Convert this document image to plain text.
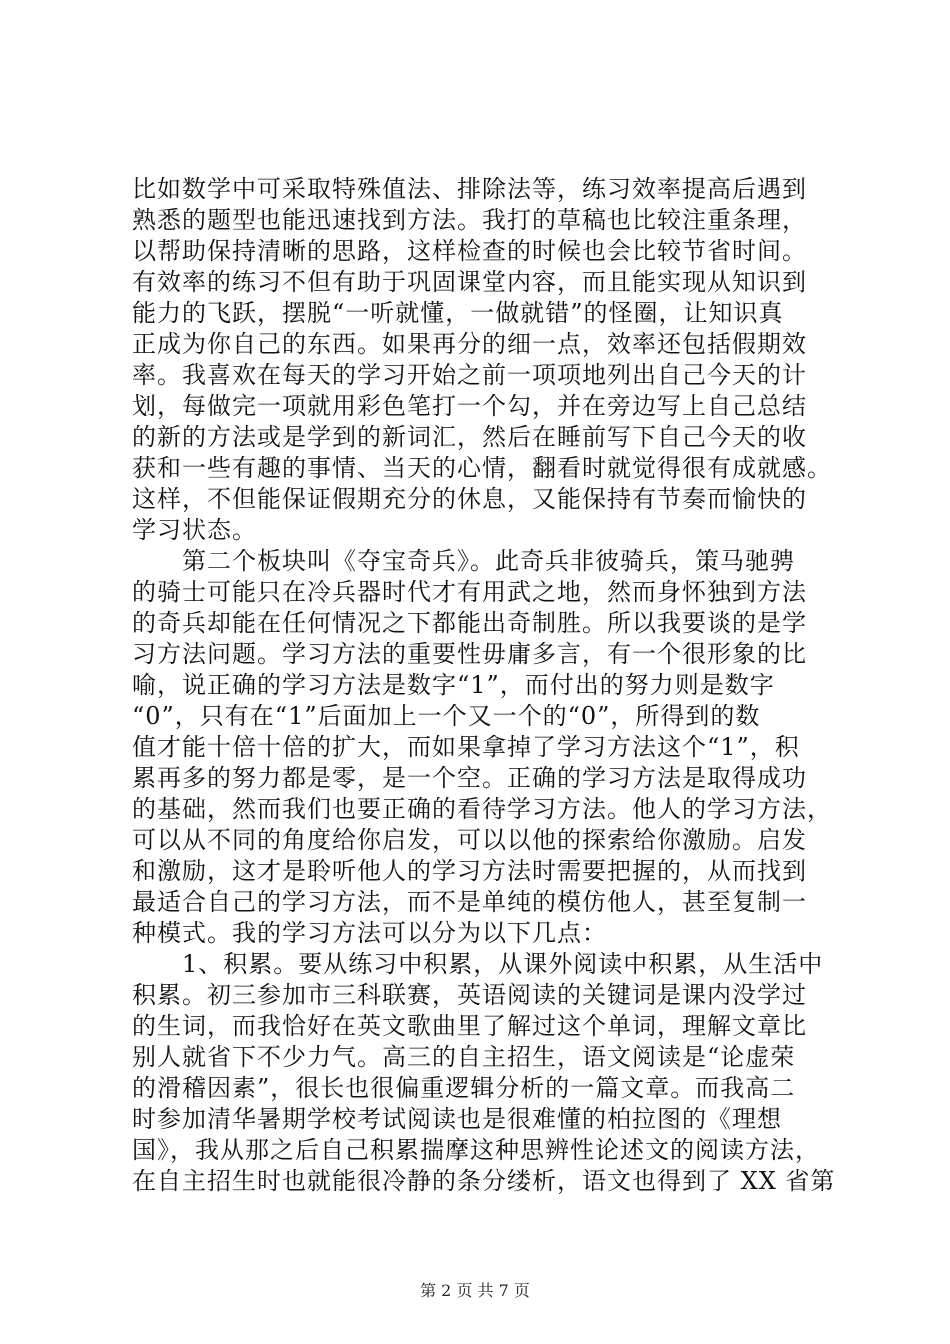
比如数学中可采取特殊值法、排除法等，练习效率提高后遇到
熟悉的题型也能迅速找到方法。我打的草稿也比较注重条理，
以帮助保持清晰的思路，这样检查的时候也会比较节省时间。
有效率的练习不但有助于巩固课堂内容，而且能实现从知识到
能力的飞跃，摆脱“一听就懂，一做就错”的怪圈，让知识真
正成为你自己的东西。如果再分的细一点，效率还包括假期效
率。我喜欢在每天的学习开始之前一项项地列出自己今天的计
划，每做完一项就用彩色笔打一个勾，并在旁边写上自己总结
的新的方法或是学到的新词汇，然后在睡前写下自己今天的收
获和一些有趣的事情、当天的心情，翻看时就觉得很有成就感。
这样，不但能保证假期充分的休息，又能保持有节奏而愉快的
学习状态。
　　第二个板块叫《夺宝奇兵》。此奇兵非彼骑兵，策马驰骋
的骑士可能只在冷兵器时代才有用武之地，然而身怀独到方法
的奇兵却能在任何情况之下都能出奇制胜。所以我要谈的是学
习方法问题。学习方法的重要性毋庸多言，有一个很形象的比
喻，说正确的学习方法是数字“1”，而付出的努力则是数字
“0”，只有在“1”后面加上一个又一个的“0”，所得到的数
值才能十倍十倍的扩大，而如果拿掉了学习方法这个“1”，积
累再多的努力都是零，是一个空。正确的学习方法是取得成功
的基础，然而我们也要正确的看待学习方法。他人的学习方法，
可以从不同的角度给你启发，可以以他的探索给你激励。启发
和激励，这才是聆听他人的学习方法时需要把握的，从而找到
最适合自己的学习方法，而不是单纯的模仿他人，甚至复制一
种模式。我的学习方法可以分为以下几点：
　　1、积累。要从练习中积累，从课外阅读中积累，从生活中
积累。初三参加市三科联赛，英语阅读的关键词是课内没学过
的生词，而我恰好在英文歌曲里了解过这个单词，理解文章比
别人就省下不少力气。高三的自主招生，语文阅读是“论虚荣
的滑稽因素”，很长也很偏重逻辑分析的一篇文章。而我高二
时参加清华暑期学校考试阅读也是很难懂的柏拉图的《理想
国》，我从那之后自己积累揣摩这种思辨性论述文的阅读方法，
在自主招生时也就能很冷静的条分缕析，语文也得到了 XX 省第
第 2 页 共 7 页
